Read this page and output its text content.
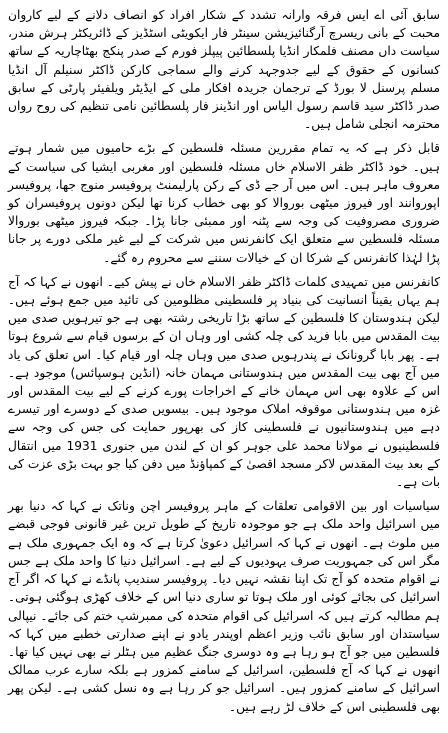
سابق آئی اے ایس فرقہ وارانہ تشدد کے شکار افراد کو انصاف دلانے کے لیے کاروان محبت کے بانی ریسرچ آرگنائیزیشن سینٹر فار ایکویٹی اسٹڈیز کے ڈائریکٹر ہرش مندر، سیاست داں مصنف فلمکار انڈیا پلسطائین پیپلز فورم کے صدر پنکج بھٹاچاریہ کے ساتھ کسانوں کے حقوق کے لیے جدوجہد کرنے والے سماجی کارکن ڈاکٹر سنیلم آل انڈیا مسلم پرسنل لا بورڈ کے ترجمان جریدہ افکار ملی کے ایڈیٹر ویلفیئر پارٹی کے سابق صدر ڈاکٹر سید قاسم رسول الیاس اور انڈینز فار پلسطائین نامی تنظیم کی روح رواں محترمہ انجلی شامل ہیں۔

قابل ذکر ہے کہ یہ تمام مقررین مسئلہ فلسطین کے بڑے حامیوں میں شمار ہوتے ہیں۔ خود ڈاکٹر ظفر الاسلام خاں مسئلہ فلسطین اور مغربی ایشیا کی سیاست کے معروف ماہر ہیں۔ اس میں آر جے ڈی کے رکن پارلیمنٹ پروفیسر منوج جھا، پروفیسر اپوروانند اور فیروز میٹھی بوروالا کو بھی خطاب کرنا تھا لیکن دونوں پروفیسران کو ضروری مصروفیت کی وجہ سے پٹنہ اور ممبئی جانا پڑا۔ جبکہ فیروز میٹھی بوروالا مسئلہ فلسطین سے متعلق ایک کانفرنس میں شرکت کے لیے غیر ملکی دورے پر جانا پڑا لہٰذا کانفرنس کے شرکا ان کے خیالات سننے سے محروم رہ گئے۔

کانفرنس میں تمہیدی کلمات ڈاکٹر ظفر الاسلام خاں نے پیش کیے۔ انھوں نے کہا کہ آج ہم یہاں یقیناً انسانیت کی بنیاد پر فلسطینی مظلومین کی تائید میں جمع ہوئے ہیں۔ لیکن ہندوستان کا فلسطین کے ساتھ بڑا تاریخی رشتہ بھی ہے جو تیرہویں صدی میں بیت المقدس میں بابا فرید کی چلہ کشی اور وہاں ان کے برسوں قیام سے شروع ہوتا ہے۔ پھر بابا گرونانک نے پندرہویں صدی میں وہاں چلہ اور قیام کیا۔ اس تعلق کی یاد میں آج بھی بیت المقدس میں ہندوستانی مہمان خانہ (انڈین ہوسپائس) موجود ہے۔ اس کے علاوہ بھی اس مہمان خانے کے اخراجات پورے کرنے کے لیے بیت المقدس اور غزہ میں ہندوستانی موقوفہ املاک موجود ہیں۔ بیسویں صدی کے دوسرے اور تیسرے دہے میں ہندوستانیوں نے فلسطینی کاز کی بھرپور حمایت کی جس کی وجہ سے فلسطینیوں نے مولانا محمد علی جوہر کو ان کے لندن میں جنوری 1931 میں انتقال کے بعد بیت المقدس لاکر مسجد اقصیٰ کے کمپاؤنڈ میں دفن کیا جو بہت بڑی عزت کی بات ہے۔

سیاسیات اور بین الاقوامی تعلقات کے ماہر پروفیسر اچن وناتک نے کہا کہ دنیا بھر میں اسرائیل واحد ملک ہے جو موجودہ تاریخ کے طویل ترین غیر قانونی فوجی قبضے میں ملوث ہے۔ انھوں نے کہا کہ اسرائیل دعویٰ کرتا ہے کہ وہ ایک جمہوری ملک ہے مگر اس کی جمہوریت صرف یہودیوں کے لیے ہے۔ اسرائیل دنیا کا واحد ملک ہے جس نے اقوام متحدہ کو آج تک اپنا نقشہ نہیں دیا۔ پروفیسر سندیپ پانڈے نے کہا کہ اگر آج اسرائیل کی بجائے کوئی اور ملک ہوتا تو ساری دنیا اس کے خلاف کھڑی ہوگئی ہوتی۔ ہم مطالبہ کرتے ہیں کہ اسرائیل کی اقوام متحدہ کی ممبرشپ ختم کی جائے۔ نیپالی سیاستدان اور سابق نائب وزیر اعظم اوپندر یادو نے اپنے صدارتی خطبے میں کہا کہ فلسطین میں جو آج ہو رہا ہے وہ دوسری جنگ عظیم میں ہٹلر نے بھی نہیں کیا تھا۔ انھوں نے کہا کہ آج فلسطین، اسرائیل کے سامنے کمزور ہے بلکہ سارے عرب ممالک اسرائیل کے سامنے کمزور ہیں۔ اسرائیل جو کر رہا ہے وہ نسل کشی ہے۔ لیکن پھر بھی فلسطینی اس کے خلاف لڑ رہے ہیں۔
